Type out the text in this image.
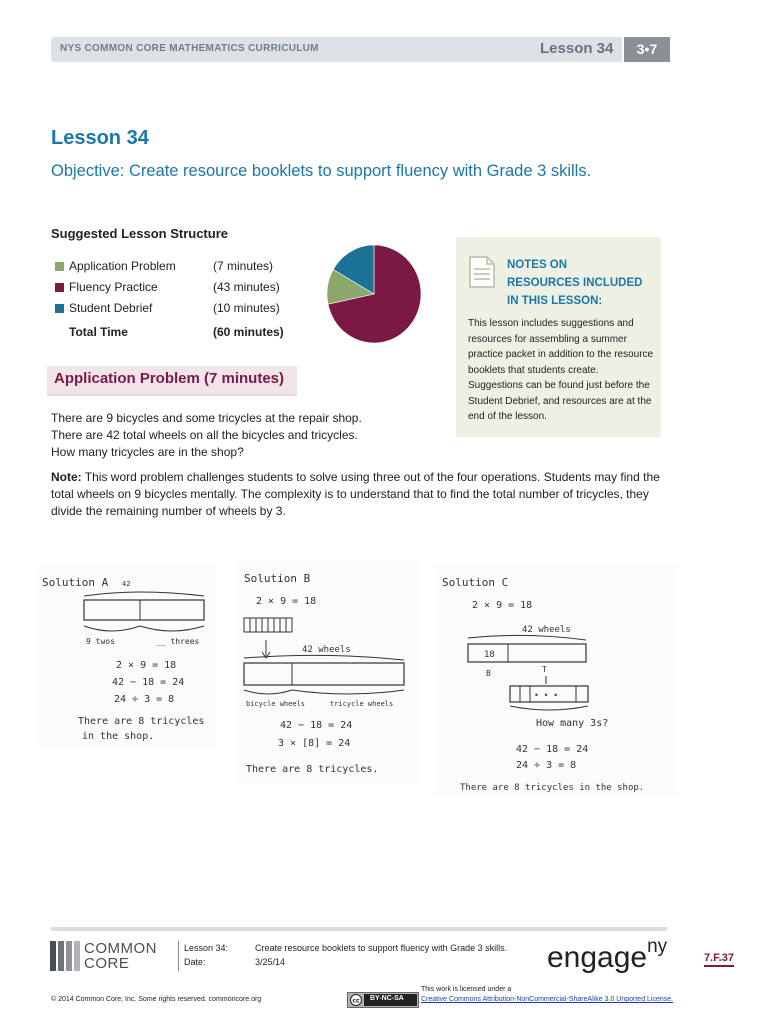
NYS COMMON CORE MATHEMATICS CURRICULUM	Lesson 34	3•7
Lesson 34
Objective: Create resource booklets to support fluency with Grade 3 skills.
Suggested Lesson Structure
Application Problem	(7 minutes)
Fluency Practice	(43 minutes)
Student Debrief	(10 minutes)
Total Time	(60 minutes)
NOTES ON
RESOURCES INCLUDED
IN THIS LESSON:
This lesson includes suggestions and resources for assembling a summer practice packet in addition to the resource booklets that students create. Suggestions can be found just before the Student Debrief, and resources are at the end of the lesson.
Application Problem (7 minutes)
There are 9 bicycles and some tricycles at the repair shop.
There are 42 total wheels on all the bicycles and tricycles.
How many tricycles are in the shop?
Note: This word problem challenges students to solve using three out of the four operations. Students may find the total wheels on 9 bicycles mentally. The complexity is to understand that to find the total number of tricycles, they divide the remaining number of wheels by 3.
Solution A 42
9 twos	__ threes
2 × 9 = 18
42 − 18 = 24
24 ÷ 3 = 8
There are 8 tricycles
in the shop.
Solution B
2 × 9 = 18
42 wheels
bicycle wheels	tricycle wheels
42 − 18 = 24
3 × [8] = 24
There are 8 tricycles.
Solution C
2 × 9 = 18
42 wheels
18
B	T
• • •
How many 3s?
42 − 18 = 24
24 ÷ 3 = 8
There are 8 tricycles in the shop.
COMMON
CORE
Lesson 34:
Date:
Create resource booklets to support fluency with Grade 3 skills.
3/25/14	engage$^{ny}$
7.F.37
© 2014 Common Core, Inc. Some rights reserved. commoncore.org	cc BY-NC-SA
This work is licensed under a
Creative Commons Attribution-NonCommercial-ShareAlike 3.0 Unported License.
